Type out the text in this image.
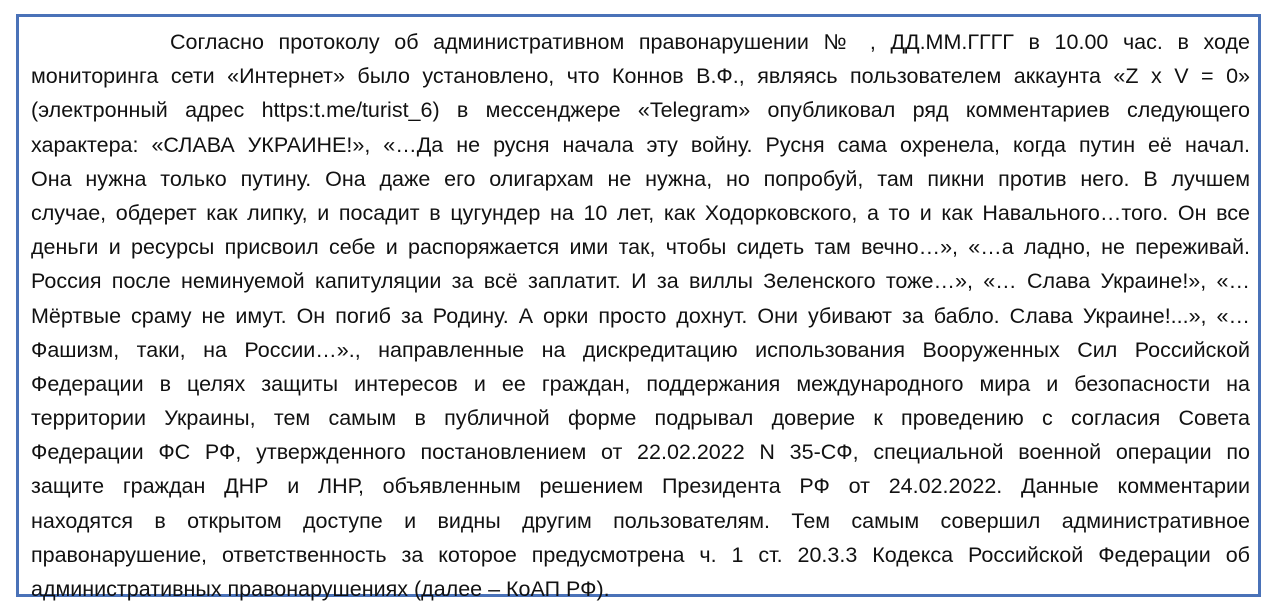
Согласно протоколу об административном правонарушении № , ДД.ММ.ГГГГ в 10.00 час. в ходе
мониторинга сети «Интернет» было установлено, что Коннов В.Ф., являясь пользователем аккаунта «Z x V = 0»
(электронный адрес https:t.me/turist_6) в мессенджере «Telegram» опубликовал ряд комментариев следующего
характера: «СЛАВА УКРАИНЕ!», «…Да не русня начала эту войну. Русня сама охренела, когда путин её начал.
Она нужна только путину. Она даже его олигархам не нужна, но попробуй, там пикни против него. В лучшем
случае, обдерет как липку, и посадит в цугундер на 10 лет, как Ходорковского, а то и как Навального…того. Он все
деньги и ресурсы присвоил себе и распоряжается ими так, чтобы сидеть там вечно…», «…а ладно, не переживай.
Россия после неминуемой капитуляции за всё заплатит. И за виллы Зеленского тоже…», «… Слава Украине!», «…
Мёртвые сраму не имут. Он погиб за Родину. А орки просто дохнут. Они убивают за бабло. Слава Украине!...», «…
Фашизм, таки, на России…»., направленные на дискредитацию использования Вооруженных Сил Российской
Федерации в целях защиты интересов и ее граждан, поддержания международного мира и безопасности на
территории Украины, тем самым в публичной форме подрывал доверие к проведению с согласия Совета
Федерации ФС РФ, утвержденного постановлением от 22.02.2022 N 35-СФ, специальной военной операции по
защите граждан ДНР и ЛНР, объявленным решением Президента РФ от 24.02.2022. Данные комментарии
находятся в открытом доступе и видны другим пользователям. Тем самым совершил административное
правонарушение, ответственность за которое предусмотрена ч. 1 ст. 20.3.3 Кодекса Российской Федерации об
административных правонарушениях (далее – КоАП РФ).
